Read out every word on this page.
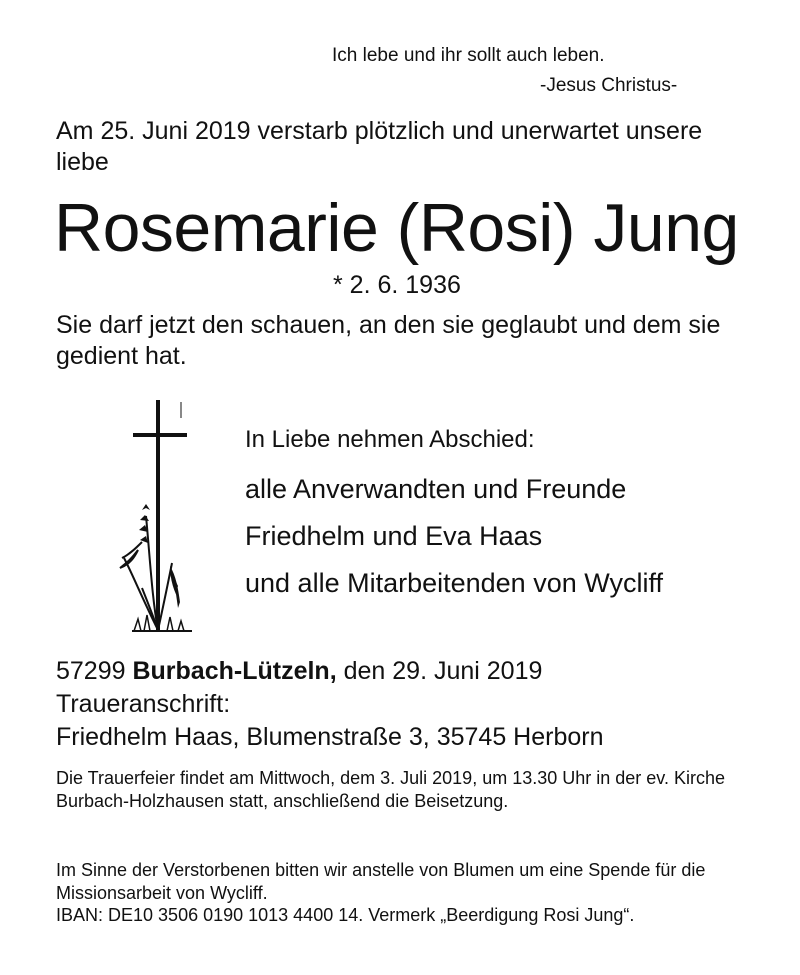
Ich lebe und ihr sollt auch leben.
-Jesus Christus-
Am 25. Juni 2019 verstarb plötzlich und unerwartet unsere liebe
Rosemarie (Rosi) Jung
* 2. 6. 1936
Sie darf jetzt den schauen, an den sie geglaubt und dem sie gedient hat.
In Liebe nehmen Abschied:
alle Anverwandten und Freunde
Friedhelm und Eva Haas
und alle Mitarbeitenden von Wycliff
57299 Burbach-Lützeln, den 29. Juni 2019
Traueranschrift:
Friedhelm Haas, Blumenstraße 3, 35745 Herborn
Die Trauerfeier findet am Mittwoch, dem 3. Juli 2019, um 13.30 Uhr in der ev. Kirche Burbach-Holzhausen statt, anschließend die Beisetzung.
Im Sinne der Verstorbenen bitten wir anstelle von Blumen um eine Spende für die Missionsarbeit von Wycliff.
IBAN: DE10 3506 0190 1013 4400 14. Vermerk „Beerdigung Rosi Jung“.
